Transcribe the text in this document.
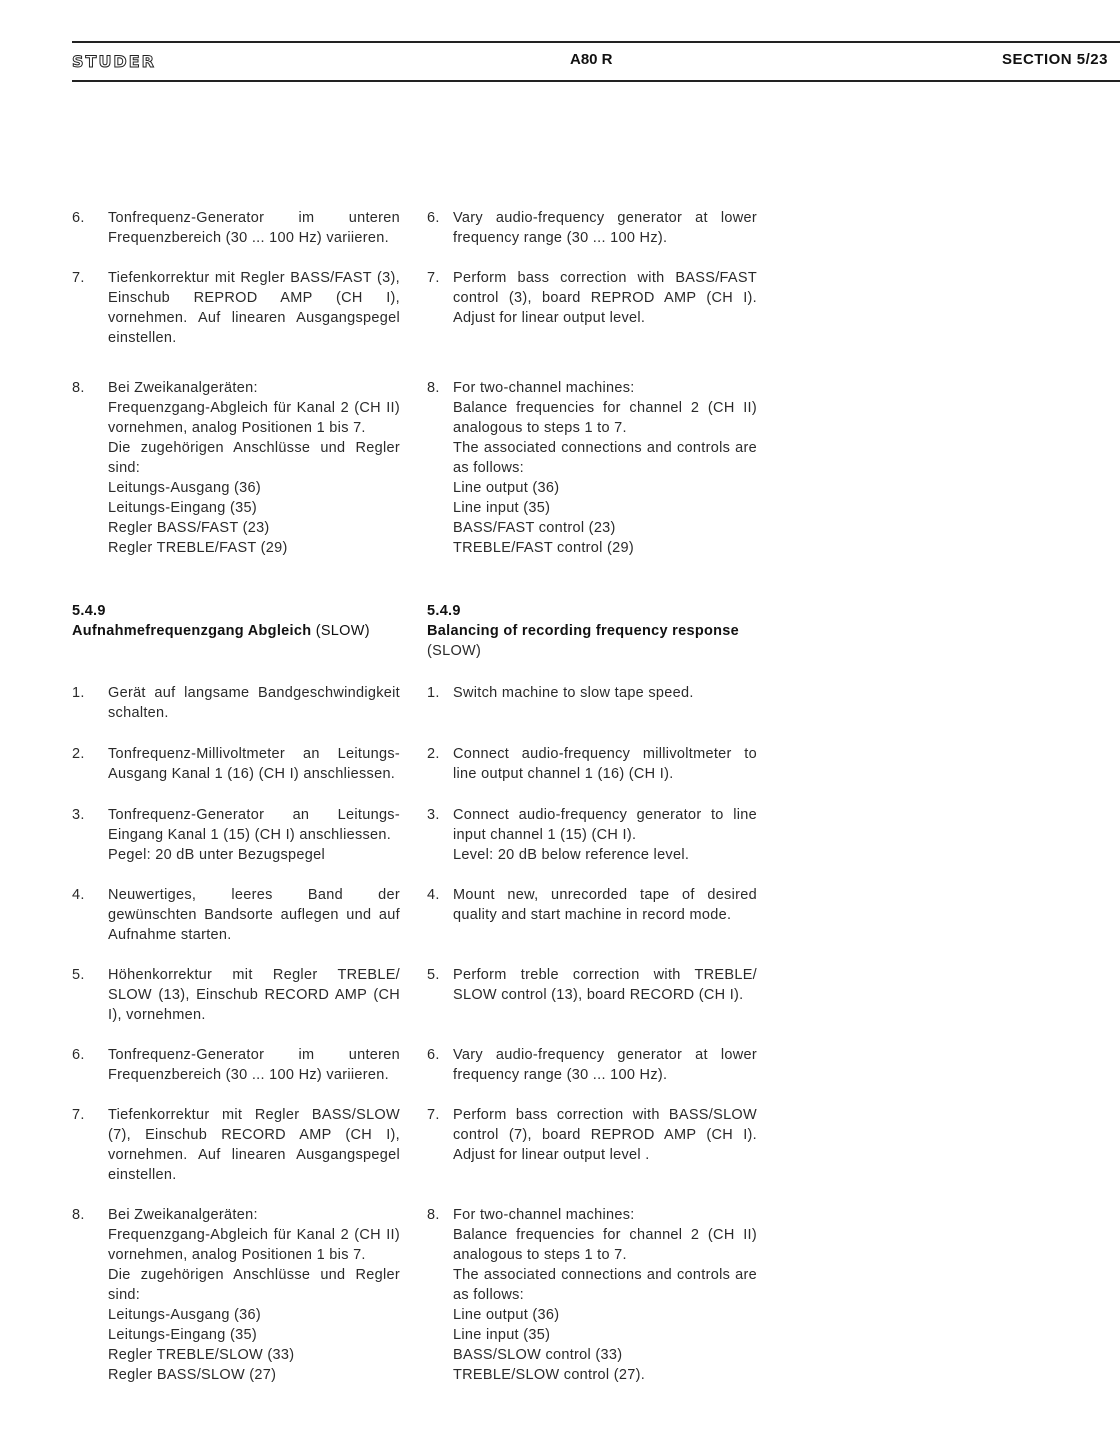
STUDER	A80 R	SECTION 5/23
6. Tonfrequenz-Generator im unteren Frequenzbereich (30 ... 100 Hz) variieren.

7. Tiefenkorrektur mit Regler BASS/FAST (3), Einschub REPROD AMP (CH I), vornehmen. Auf linearen Ausgangspegel einstellen.

8. Bei Zweikanalgeräten:

Frequenzgang-Abgleich für Kanal 2 (CH II) vornehmen, analog Positionen 1 bis 7.

Die zugehörigen Anschlüsse und Regler sind:

Leitungs-Ausgang (36)

Leitungs-Eingang (35)

Regler BASS/FAST (23)

Regler TREBLE/FAST (29)

5.4.9
Aufnahmefrequenzgang Abgleich (SLOW)
1. Gerät auf langsame Bandgeschwindigkeit schalten.

2. Tonfrequenz-Millivoltmeter an Leitungs-Ausgang Kanal 1 (16) (CH I) anschliessen.

3. Tonfrequenz-Generator an Leitungs-Eingang Kanal 1 (15) (CH I) anschliessen.

Pegel: 20 dB unter Bezugspegel

4. Neuwertiges, leeres Band der gewünschten Bandsorte auflegen und auf Aufnahme starten.

5. Höhenkorrektur mit Regler TREBLE/ SLOW (13), Einschub RECORD AMP (CH I), vornehmen.

6. Tonfrequenz-Generator im unteren Frequenzbereich (30 ... 100 Hz) variieren.

7. Tiefenkorrektur mit Regler BASS/SLOW (7), Einschub RECORD AMP (CH I), vornehmen. Auf linearen Ausgangspegel einstellen.

8. Bei Zweikanalgeräten:

Frequenzgang-Abgleich für Kanal 2 (CH II) vornehmen, analog Positionen 1 bis 7.

Die zugehörigen Anschlüsse und Regler sind:

Leitungs-Ausgang (36)

Leitungs-Eingang (35)

Regler TREBLE/SLOW (33)

Regler BASS/SLOW (27)

6. Vary audio-frequency generator at lower frequency range (30 ... 100 Hz).

7. Perform bass correction with BASS/FAST control (3), board REPROD AMP (CH I). Adjust for linear output level.

8. For two-channel machines:

Balance frequencies for channel 2 (CH II) analogous to steps 1 to 7.

The associated connections and controls are as follows:

Line output (36)

Line input (35)

BASS/FAST control (23)

TREBLE/FAST control (29)

5.4.9
Balancing of recording frequency response
(SLOW)
1. Switch machine to slow tape speed.

2. Connect audio-frequency millivoltmeter to line output channel 1 (16) (CH I).

3. Connect audio-frequency generator to line input channel 1 (15) (CH I).

Level: 20 dB below reference level.

4. Mount new, unrecorded tape of desired quality and start machine in record mode.

5. Perform treble correction with TREBLE/ SLOW control (13), board RECORD (CH I).

6. Vary audio-frequency generator at lower frequency range (30 ... 100 Hz).

7. Perform bass correction with BASS/SLOW control (7), board REPROD AMP (CH I). Adjust for linear output level .

8. For two-channel machines:

Balance frequencies for channel 2 (CH II) analogous to steps 1 to 7.

The associated connections and controls are as follows:

Line output (36)

Line input (35)

BASS/SLOW control (33)

TREBLE/SLOW control (27).
